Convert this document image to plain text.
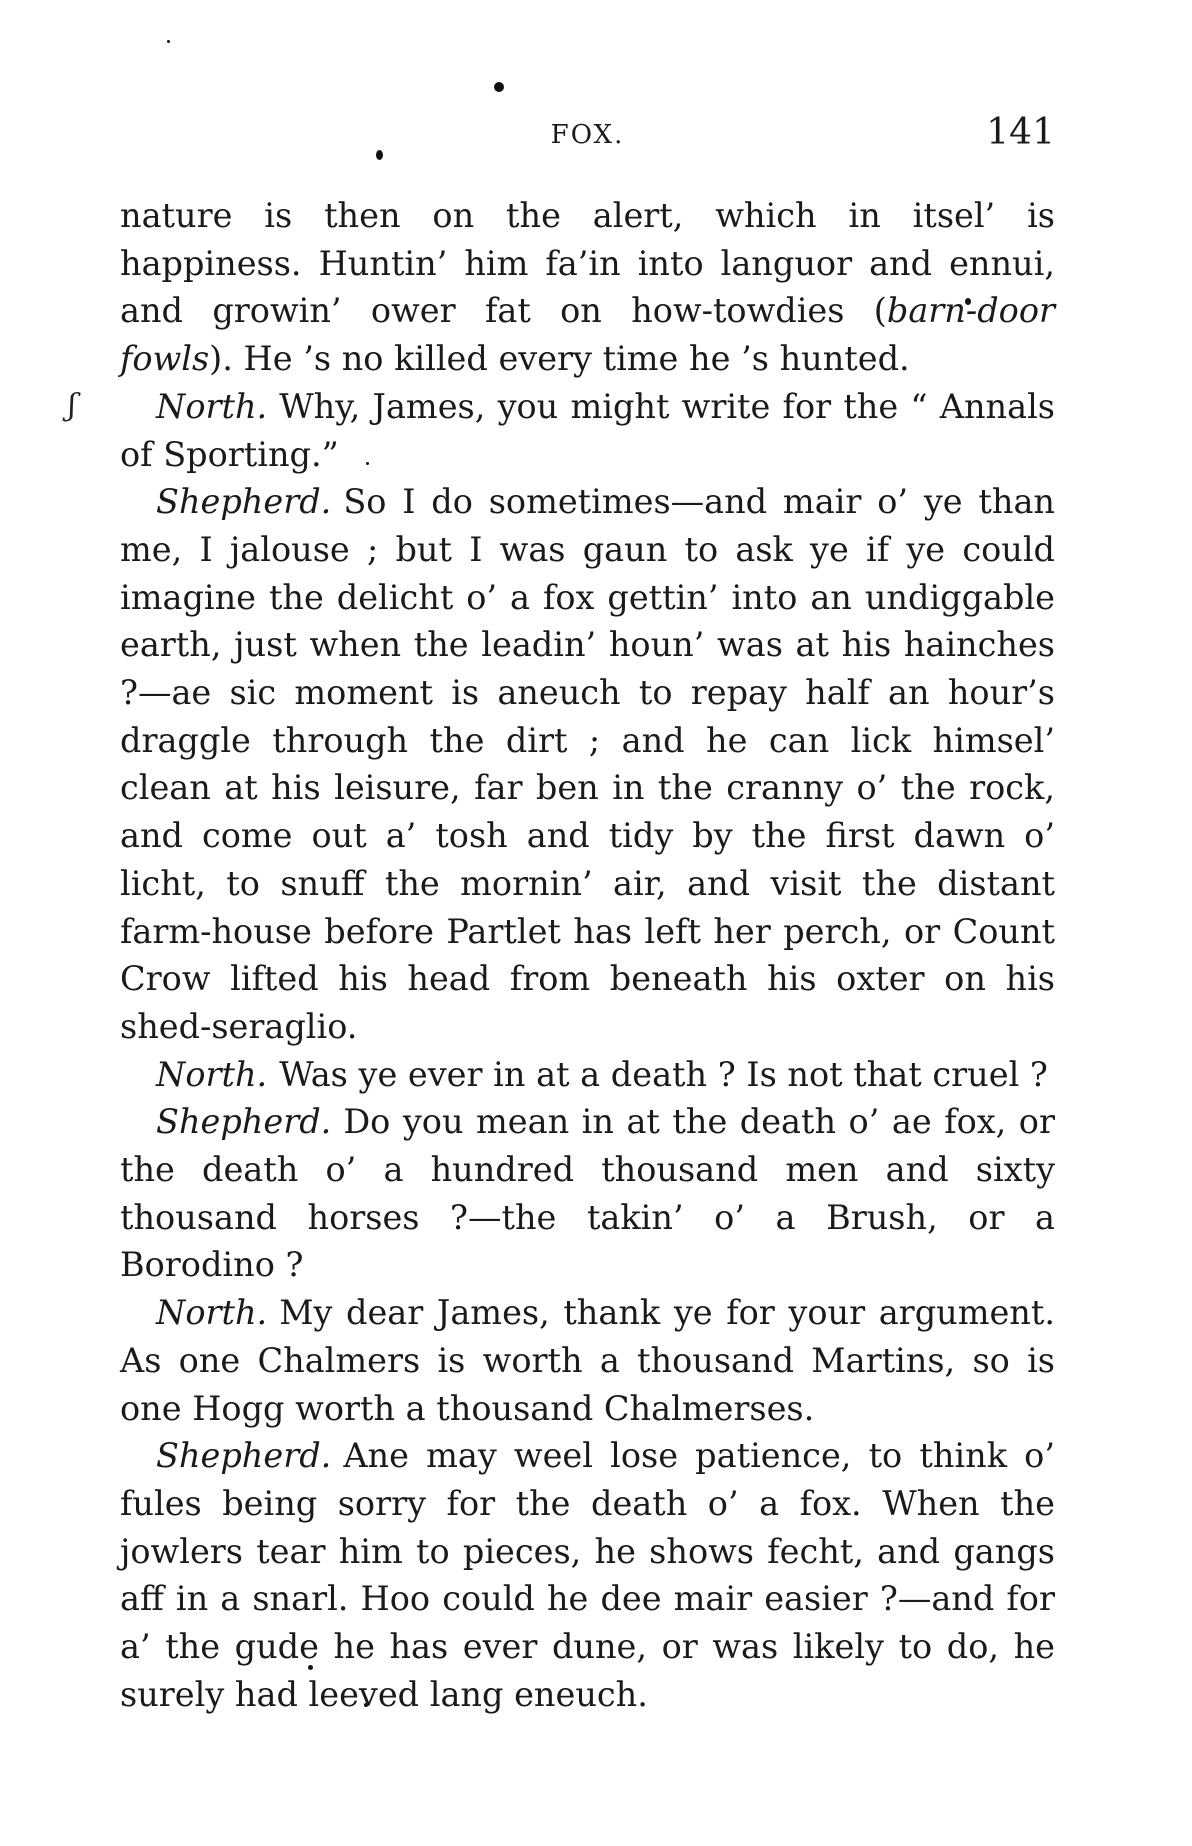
ʃ
FOX.	141

nature is then on the alert, which in itsel’ is happiness. Huntin’ him fa’in into languor and ennui, and growin’ ower fat on how-towdies (barn-door fowls). He ’s no killed every time he ’s hunted.

North. Why, James, you might write for the “ Annals of Sporting.”

Shepherd. So I do sometimes—and mair o’ ye than me, I jalouse ; but I was gaun to ask ye if ye could imagine the delicht o’ a fox gettin’ into an undiggable earth, just when the leadin’ houn’ was at his hainches ?—ae sic moment is aneuch to repay half an hour’s draggle through the dirt ; and he can lick himsel’ clean at his leisure, far ben in the cranny o’ the rock, and come out a’ tosh and tidy by the first dawn o’ licht, to snuff the mornin’ air, and visit the distant farm-house before Partlet has left her perch, or Count Crow lifted his head from beneath his oxter on his shed-seraglio.

North. Was ye ever in at a death ? Is not that cruel ?

Shepherd. Do you mean in at the death o’ ae fox, or the death o’ a hundred thousand men and sixty thousand horses ?—the takin’ o’ a Brush, or a Borodino ?

North. My dear James, thank ye for your argument. As one Chalmers is worth a thousand Martins, so is one Hogg worth a thousand Chalmerses.

Shepherd. Ane may weel lose patience, to think o’ fules being sorry for the death o’ a fox. When the jowlers tear him to pieces, he shows fecht, and gangs aff in a snarl. Hoo could he dee mair easier ?—and for a’ the gude he has ever dune, or was likely to do, he surely had leeved lang eneuch.
